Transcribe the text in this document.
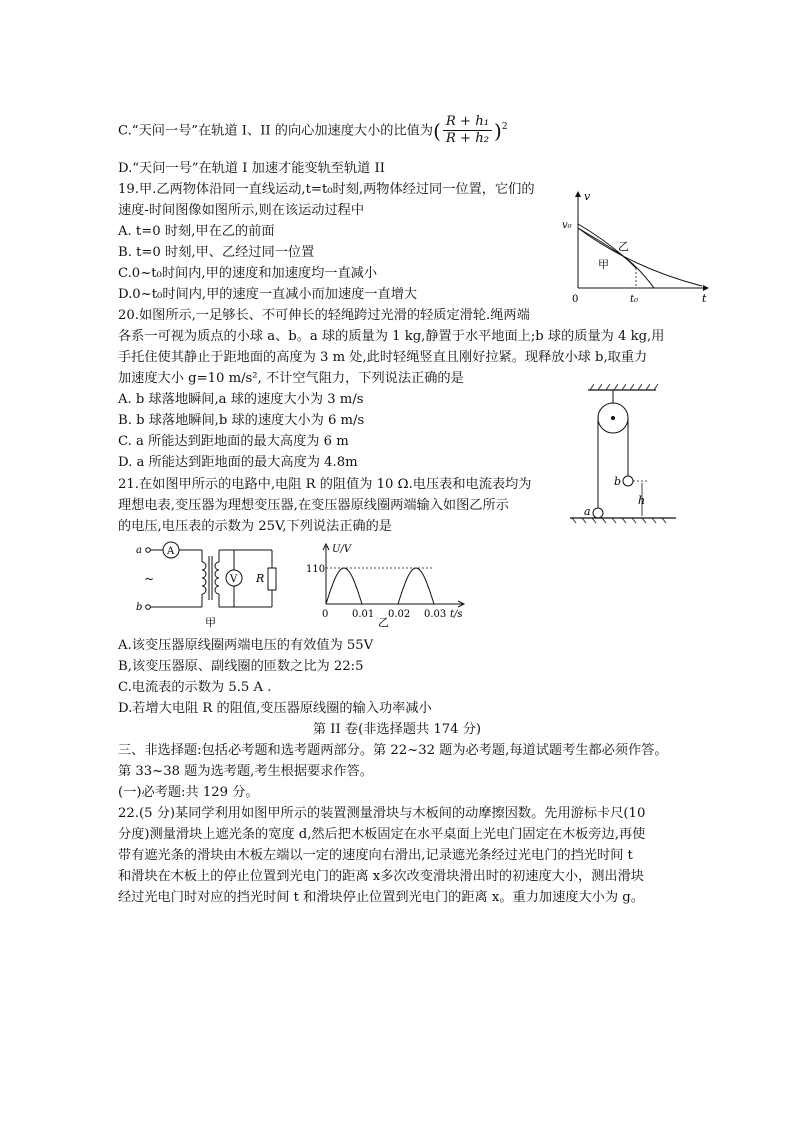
C.“天问一号”在轨道 I、II 的向心加速度大小的比值为( $\frac{\text{R + h₁}}{\text{R + h₂}} )^2$
D.“天问一号”在轨道 I 加速才能变轨至轨道 II
19.甲.乙两物体沿同一直线运动,t=t₀时刻,两物体经过同一位置，它们的
速度-时间图像如图所示,则在该运动过程中
A. t=0 时刻,甲在乙的前面
B. t=0 时刻,甲、乙经过同一位置
C.0~t₀时间内,甲的速度和加速度均一直减小
D.0~t₀时间内,甲的速度一直减小而加速度一直增大
v
v₀
乙
甲
0	t₀	t
20.如图所示,一足够长、不可伸长的轻绳跨过光滑的轻质定滑轮.绳两端
各系一可视为质点的小球 a、b。a 球的质量为 1 kg,静置于水平地面上;b 球的质量为 4 kg,用
手托住使其静止于距地面的高度为 3 m 处,此时轻绳竖直且刚好拉紧。现释放小球 b,取重力
加速度大小 g=10 m/s², 不计空气阻力，下列说法正确的是
A. b 球落地瞬间,a 球的速度大小为 3 m/s
B. b 球落地瞬间,b 球的速度大小为 6 m/s
C. a 所能达到距地面的最大高度为 6 m
D. a 所能达到距地面的最大高度为 4.8m
a
b
h
21.在如图甲所示的电路中,电阻 R 的阻值为 10 Ω.电压表和电流表均为
理想电表,变压器为理想变压器,在变压器原线圈两端输入如图乙所示
的电压,电压表的示数为 25V,下列说法正确的是
a
b
A
V R
~
甲
U/V
110
0 0.01 0.02 0.03 t/s
乙
A.该变压器原线圈两端电压的有效值为 55V
B,该变压器原、副线圈的匝数之比为 22:5
C.电流表的示数为 5.5 A .
D.若增大电阻 R 的阻值,变压器原线圈的输入功率减小
第 II 卷(非选择题共 174 分)
三、非选择题:包括必考题和选考题两部分。第 22~32 题为必考题,每道试题考生都必须作答。
第 33~38 题为选考题,考生根据要求作答。
(一)必考题:共 129 分。
22.(5 分)某同学利用如图甲所示的装置测量滑块与木板间的动摩擦因数。先用游标卡尺(10
分度)测量滑块上遮光条的宽度 d,然后把木板固定在水平桌面上光电门固定在木板旁边,再使
带有遮光条的滑块由木板左端以一定的速度向右滑出,记录遮光条经过光电门的挡光时间 t
和滑块在木板上的停止位置到光电门的距离 x多次改变滑块滑出时的初速度大小，测出滑块
经过光电门时对应的挡光时间 t 和滑块停止位置到光电门的距离 x。重力加速度大小为 g。
